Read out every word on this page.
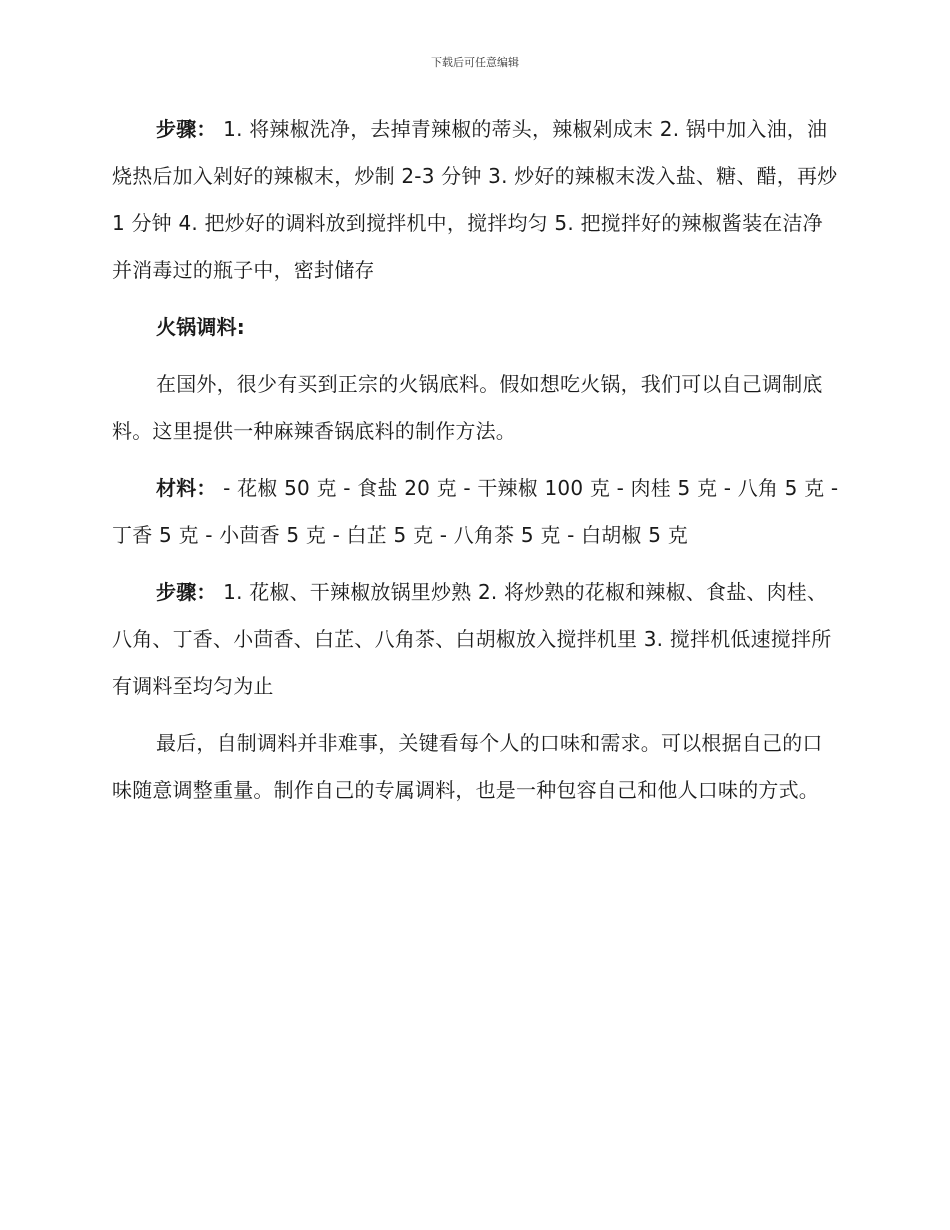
下载后可任意编辑

步骤： 1. 将辣椒洗净，去掉青辣椒的蒂头，辣椒剁成末 2. 锅中加入油，油烧热后加入剁好的辣椒末，炒制 2-3 分钟 3. 炒好的辣椒末泼入盐、糖、醋，再炒 1 分钟 4. 把炒好的调料放到搅拌机中，搅拌均匀 5. 把搅拌好的辣椒酱装在洁净并消毒过的瓶子中，密封储存

火锅调料:

在国外，很少有买到正宗的火锅底料。假如想吃火锅，我们可以自己调制底料。这里提供一种麻辣香锅底料的制作方法。

材料： - 花椒 50 克 - 食盐 20 克 - 干辣椒 100 克 - 肉桂 5 克 - 八角 5 克 - 丁香 5 克 - 小茴香 5 克 - 白芷 5 克 - 八角茶 5 克 - 白胡椒 5 克

步骤： 1. 花椒、干辣椒放锅里炒熟 2. 将炒熟的花椒和辣椒、食盐、肉桂、八角、丁香、小茴香、白芷、八角茶、白胡椒放入搅拌机里 3. 搅拌机低速搅拌所有调料至均匀为止

最后，自制调料并非难事，关键看每个人的口味和需求。可以根据自己的口味随意调整重量。制作自己的专属调料，也是一种包容自己和他人口味的方式。
